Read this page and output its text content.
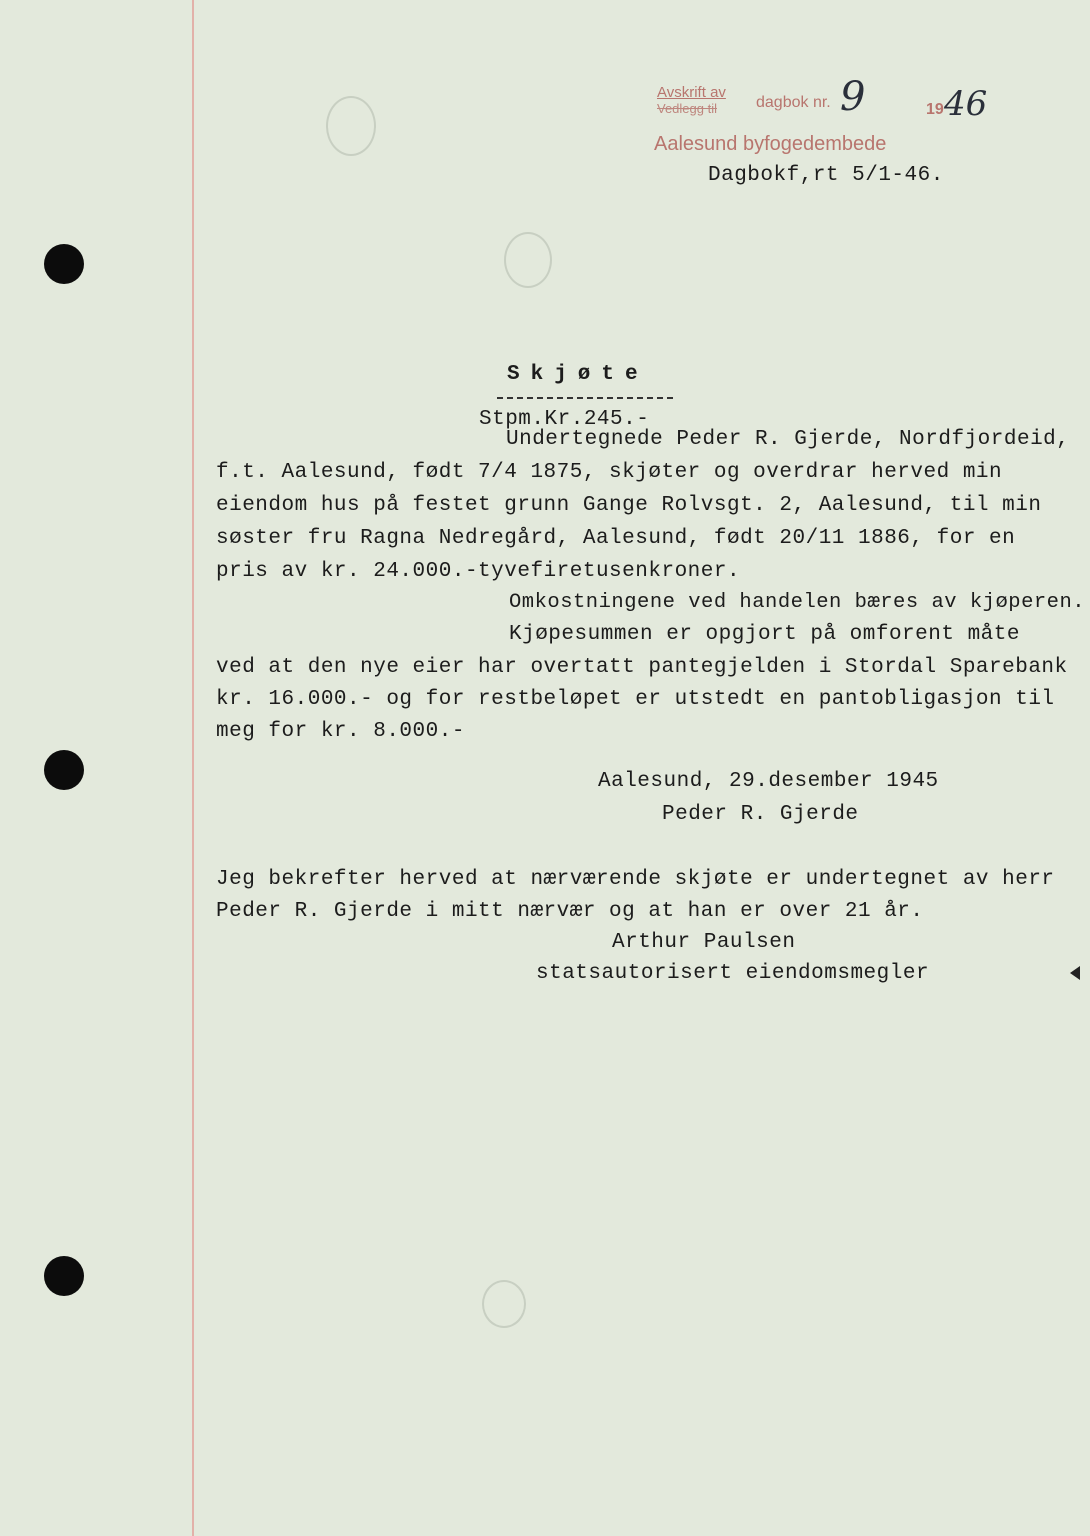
Avskrift av
Vedlegg til dagbok nr.	19
Aalesund byfogedembede
9 46
Dagbokf,rt 5/1-46.
Skjøte
Stpm.Kr.245.-
Undertegnede Peder R. Gjerde, Nordfjordeid,
f.t. Aalesund, født 7/4 1875, skjøter og overdrar herved min
eiendom hus på festet grunn Gange Rolvsgt. 2, Aalesund, til min
søster fru Ragna Nedregård, Aalesund, født 20/11 1886, for en
pris av kr. 24.000.-tyvefiretusenkroner.
Omkostningene ved handelen bæres av kjøperen.
Kjøpesummen er opgjort på omforent måte
ved at den nye eier har overtatt pantegjelden i Stordal Sparebank
kr. 16.000.- og for restbeløpet er utstedt en pantobligasjon til
meg for kr. 8.000.-
Aalesund, 29.desember 1945
Peder R. Gjerde
Jeg bekrefter herved at nærværende skjøte er undertegnet av herr
Peder R. Gjerde i mitt nærvær og at han er over 21 år.
Arthur Paulsen
statsautorisert eiendomsmegler
